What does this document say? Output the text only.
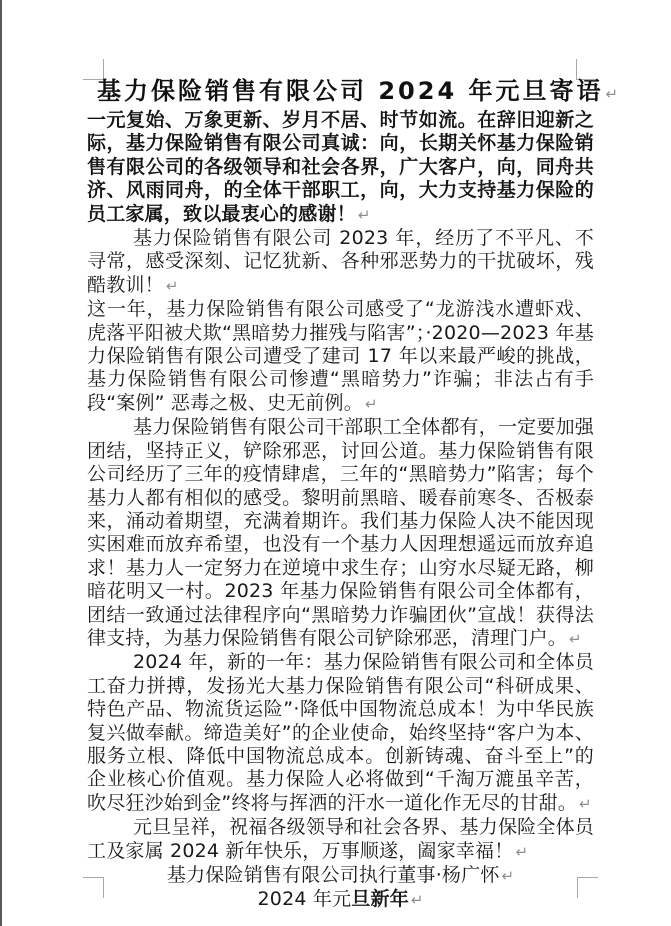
基力保险销售有限公司 2024 年元旦寄语 ↵

一元复始、万象更新、岁月不居、时节如流。在辞旧迎新之际，基力保险销售有限公司真诚：向，长期关怀基力保险销售有限公司的各级领导和社会各界，广大客户，向，同舟共济、风雨同舟，的全体干部职工，向，大力支持基力保险的员工家属，致以最衷心的感谢！ ↵

基力保险销售有限公司 2023 年，经历了不平凡、不寻常，感受深刻、记忆犹新、各种邪恶势力的干扰破坏，残酷教训！ ↵

这一年，基力保险销售有限公司感受了“龙游浅水遭虾戏、虎落平阳被犬欺“黑暗势力摧残与陷害”；·2020—2023 年基力保险销售有限公司遭受了建司 17 年以来最严峻的挑战，基力保险销售有限公司惨遭“黑暗势力”诈骗；非法占有手段“案例” 恶毒之极、史无前例。 ↵

基力保险销售有限公司干部职工全体都有，一定要加强团结，坚持正义，铲除邪恶，讨回公道。基力保险销售有限公司经历了三年的疫情肆虐，三年的“黑暗势力”陷害；每个基力人都有相似的感受。黎明前黑暗、暖春前寒冬、否极泰来，涌动着期望，充满着期许。我们基力保险人决不能因现实困难而放弃希望，也没有一个基力人因理想遥远而放弃追求！基力人一定努力在逆境中求生存；山穷水尽疑无路，柳暗花明又一村。2023 年基力保险销售有限公司全体都有，团结一致通过法律程序向“黑暗势力诈骗团伙”宣战！获得法律支持，为基力保险销售有限公司铲除邪恶，清理门户。 ↵

2024 年，新的一年：基力保险销售有限公司和全体员工奋力拼搏，发扬光大基力保险销售有限公司“科研成果、特色产品、物流货运险”·降低中国物流总成本！为中华民族复兴做奉献。缔造美好”的企业使命，始终坚持“客户为本、服务立根、降低中国物流总成本。创新铸魂、奋斗至上”的企业核心价值观。基力保险人必将做到“千淘万漉虽辛苦，吹尽狂沙始到金”终将与挥洒的汗水一道化作无尽的甘甜。 ↵

元旦呈祥，祝福各级领导和社会各界、基力保险全体员工及家属 2024 新年快乐，万事顺遂，阖家幸福！ ↵

基力保险销售有限公司执行董事·杨广怀 ↵

2024 年元旦新年 ↵
